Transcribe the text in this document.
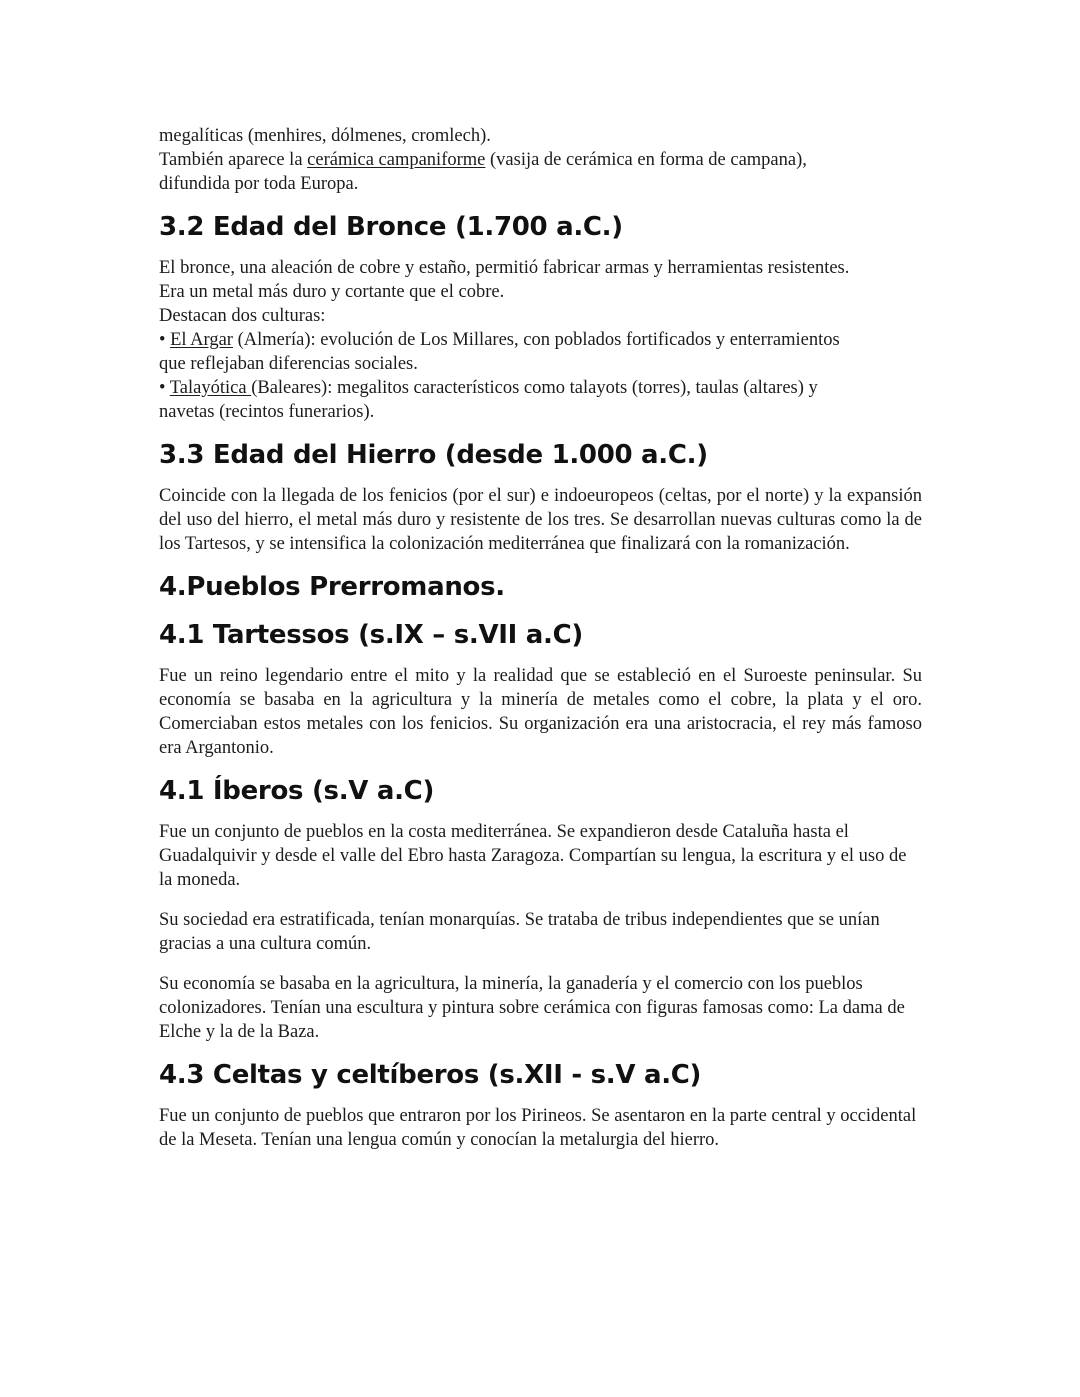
megalíticas (menhires, dólmenes, cromlech).

También aparece la cerámica campaniforme (vasija de cerámica en forma de campana),

difundida por toda Europa.

3.2 Edad del Bronce (1.700 a.C.)

El bronce, una aleación de cobre y estaño, permitió fabricar armas y herramientas resistentes.

Era un metal más duro y cortante que el cobre.

Destacan dos culturas:

• El Argar (Almería): evolución de Los Millares, con poblados fortificados y enterramientos

que reflejaban diferencias sociales.

• Talayótica (Baleares): megalitos característicos como talayots (torres), taulas (altares) y

navetas (recintos funerarios).

3.3 Edad del Hierro (desde 1.000 a.C.)

Coincide con la llegada de los fenicios (por el sur) e indoeuropeos (celtas, por el norte) y la expansión del uso del hierro, el metal más duro y resistente de los tres. Se desarrollan nuevas culturas como la de los Tartesos, y se intensifica la colonización mediterránea que finalizará con la romanización.

4.Pueblos Prerromanos.
4.1 Tartessos (s.IX – s.VII a.C)

Fue un reino legendario entre el mito y la realidad que se estableció en el Suroeste peninsular. Su economía se basaba en la agricultura y la minería de metales como el cobre, la plata y el oro. Comerciaban estos metales con los fenicios. Su organización era una aristocracia, el rey más famoso era Argantonio.

4.1 Íberos (s.V a.C)

Fue un conjunto de pueblos en la costa mediterránea. Se expandieron desde Cataluña hasta el Guadalquivir y desde el valle del Ebro hasta Zaragoza. Compartían su lengua, la escritura y el uso de la moneda.

Su sociedad era estratificada, tenían monarquías. Se trataba de tribus independientes que se unían gracias a una cultura común.

Su economía se basaba en la agricultura, la minería, la ganadería y el comercio con los pueblos colonizadores. Tenían una escultura y pintura sobre cerámica con figuras famosas como: La dama de Elche y la de la Baza.

4.3 Celtas y celtíberos (s.XII - s.V a.C)

Fue un conjunto de pueblos que entraron por los Pirineos. Se asentaron en la parte central y occidental de la Meseta. Tenían una lengua común y conocían la metalurgia del hierro.
